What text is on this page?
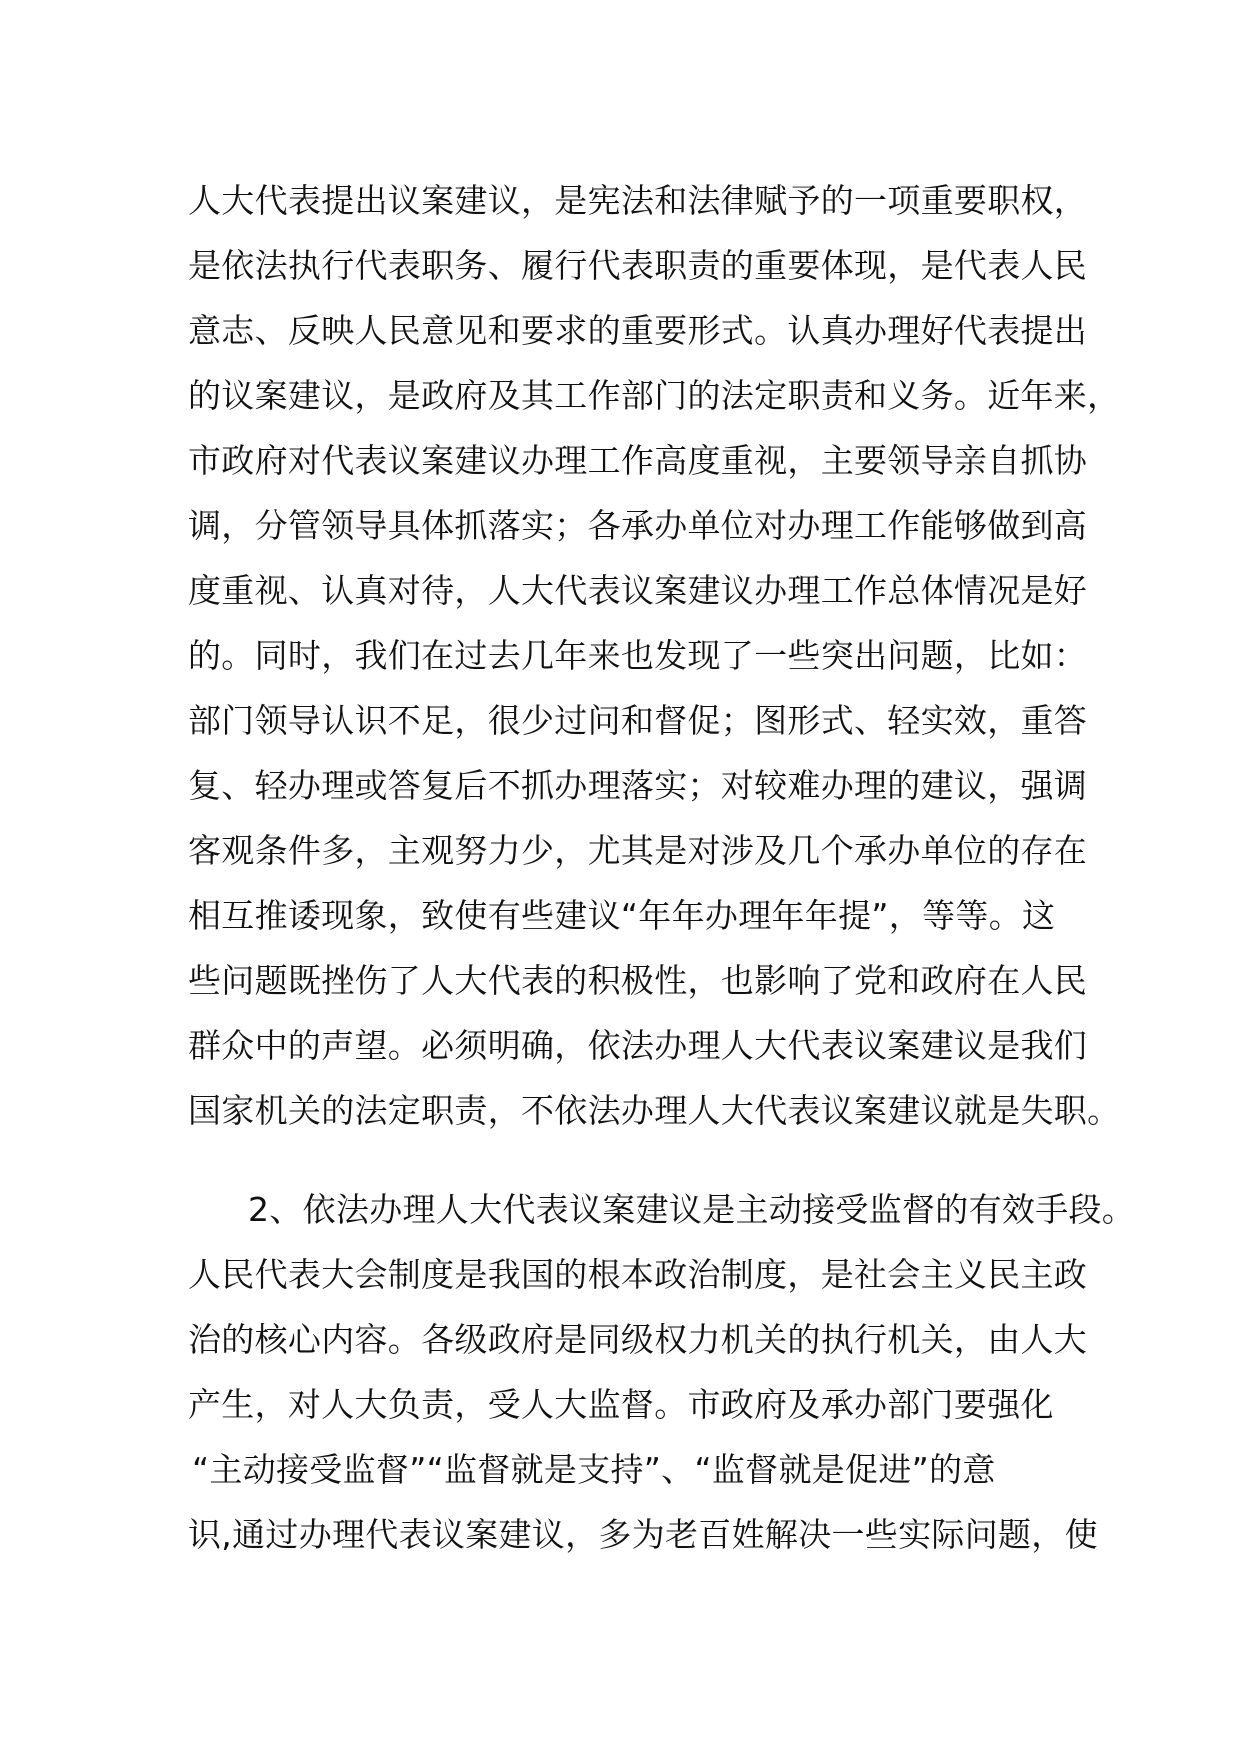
人大代表提出议案建议，是宪法和法律赋予的一项重要职权，
是依法执行代表职务、履行代表职责的重要体现，是代表人民
意志、反映人民意见和要求的重要形式。认真办理好代表提出
的议案建议，是政府及其工作部门的法定职责和义务。近年来，
市政府对代表议案建议办理工作高度重视，主要领导亲自抓协
调，分管领导具体抓落实；各承办单位对办理工作能够做到高
度重视、认真对待，人大代表议案建议办理工作总体情况是好
的。同时，我们在过去几年来也发现了一些突出问题，比如：
部门领导认识不足，很少过问和督促；图形式、轻实效，重答
复、轻办理或答复后不抓办理落实；对较难办理的建议，强调
客观条件多，主观努力少，尤其是对涉及几个承办单位的存在
相互推诿现象，致使有些建议“年年办理年年提”，等等。这
些问题既挫伤了人大代表的积极性，也影响了党和政府在人民
群众中的声望。必须明确，依法办理人大代表议案建议是我们
国家机关的法定职责，不依法办理人大代表议案建议就是失职。
2、依法办理人大代表议案建议是主动接受监督的有效手段。
人民代表大会制度是我国的根本政治制度，是社会主义民主政
治的核心内容。各级政府是同级权力机关的执行机关，由人大
产生，对人大负责，受人大监督。市政府及承办部门要强化
“主动接受监督”“监督就是支持”、“监督就是促进”的意
识,通过办理代表议案建议，多为老百姓解决一些实际问题，使
